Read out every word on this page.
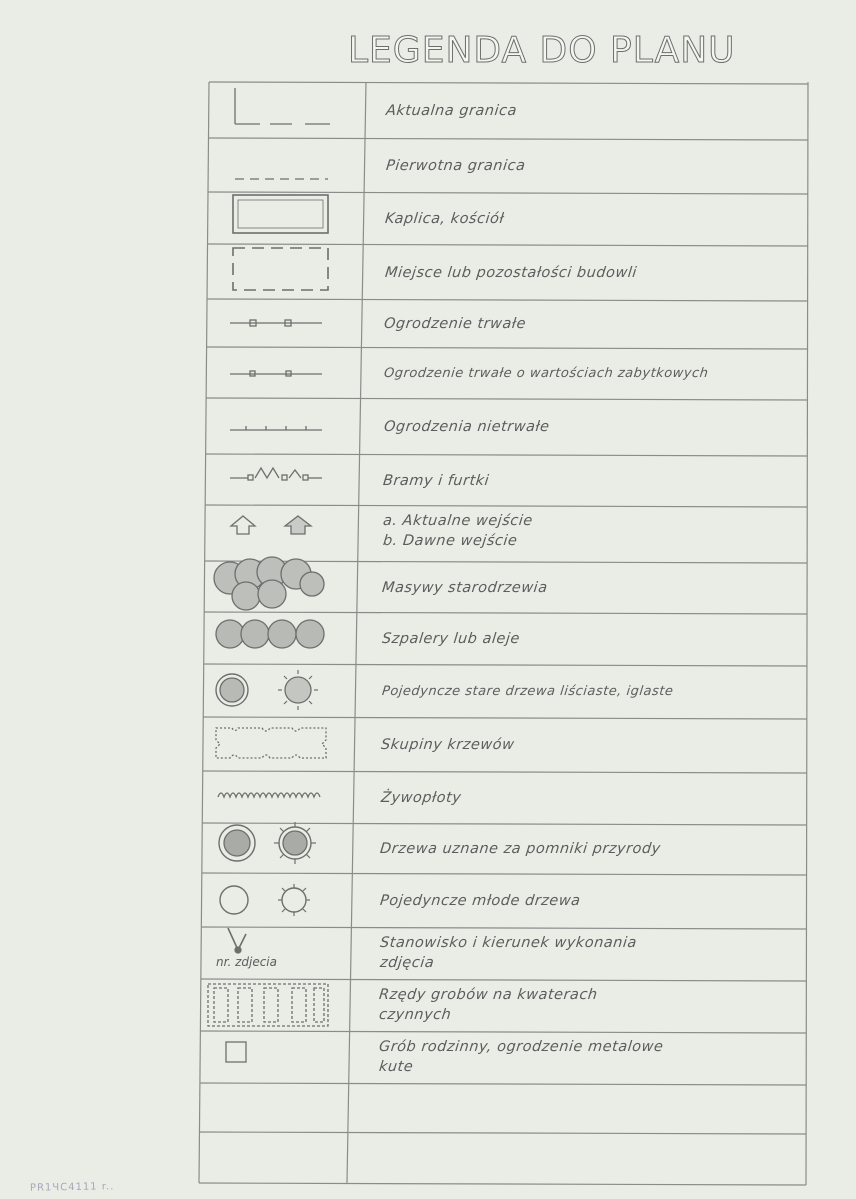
LEGENDA DO PLANU
Aktualna granica
Pierwotna granica
Kaplica, kościół
Miejsce lub pozostałości budowli
Ogrodzenie trwałe
Ogrodzenie trwałe o wartościach zabytkowych
Ogrodzenia nietrwałe
Bramy i furtki
a. Aktualne wejście
b. Dawne wejście
Masywy starodrzewia
Szpalery lub aleje
Pojedyncze stare drzewa liściaste, iglaste
Skupiny krzewów
Żywopłoty
Drzewa uznane za pomniki przyrody
Pojedyncze młode drzewa
Stanowisko i kierunek wykonania
zdjęcia
Rzędy grobów na kwaterach
czynnych
Grób rodzinny, ogrodzenie metalowe
kute
nr. zdjecia
PR1ЧC4111 r..
